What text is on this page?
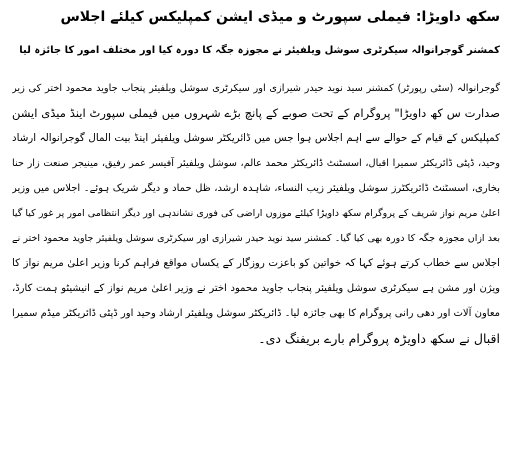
سکھ داویڑا: فیملی سپورٹ و میڈی ایشن کمپلیکس کیلئے اجلاس
کمشنر گوجرانوالہ سیکرٹری سوشل ویلفیئر نے مجوزہ جگہ کا دورہ کیا اور مختلف امور کا جائزہ لیا

گوجرانوالہ (سٹی رپورٹر) کمشنر سید نوید حیدر شیرازی اور سیکرٹری سوشل ویلفیئر پنجاب جاوید محمود اختر کی زیر

صدارت س کھ داویڑا" پروگرام کے تحت صوبے کے پانچ بڑے شہروں میں فیملی سپورٹ اینڈ میڈی ایشن

کمپلیکس کے قیام کے حوالے سے اہم اجلاس ہوا جس میں ڈائریکٹر سوشل ویلفیئر اینڈ بیت المال گوجرانوالہ ارشاد

وحید، ڈپٹی ڈائریکٹر سمیرا اقبال، اسسٹنٹ ڈائریکٹر محمد عالم، سوشل ویلفیئر آفیسر عمر رفیق، مینیجر صنعت زار حنا

بخاری، اسسٹنٹ ڈائریکٹرز سوشل ویلفیئر زیب النساء، شاہدہ ارشد، ظل حماد و دیگر شریک ہوئے۔ اجلاس میں وزیر

اعلیٰ مریم نواز شریف کے پروگرام سکھ داویڑا کیلئے موزوں اراضی کی فوری نشاندہی اور دیگر انتظامی امور پر غور کیا گیا

بعد ازاں مجوزہ جگہ کا دورہ بھی کیا گیا۔ کمشنر سید نوید حیدر شیرازی اور سیکرٹری سوشل ویلفیئر جاوید محمود اختر نے

اجلاس سے خطاب کرتے ہوئے کہا کہ خواتین کو باعزت روزگار کے یکساں مواقع فراہم کرنا وزیر اعلیٰ مریم نواز کا

ویژن اور مشن ہے سیکرٹری سوشل ویلفیئر پنجاب جاوید محمود اختر نے وزیر اعلیٰ مریم نواز کے انیشیٹو ہمت کارڈ،

معاون آلات اور دھی رانی پروگرام کا بھی جائزہ لیا۔ ڈائریکٹر سوشل ویلفیئر ارشاد وحید اور ڈپٹی ڈائریکٹر میڈم سمیرا

اقبال نے سکھ داویڑہ پروگرام بارے بریفنگ دی۔
